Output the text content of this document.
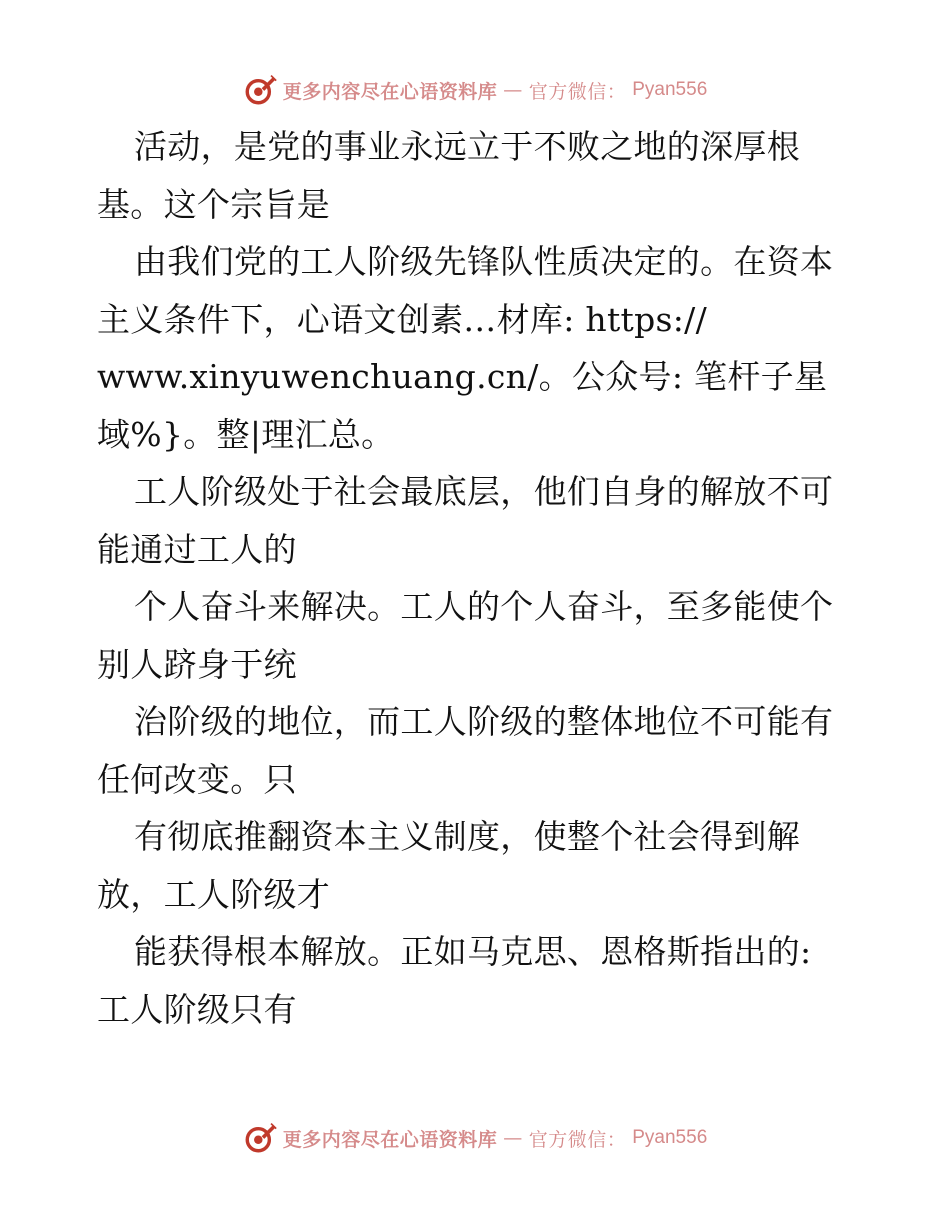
更多内容尽在心语资料库 — 官方微信： Pyan556
活动，是党的事业永远立于不败之地的深厚根
基。这个宗旨是
由我们党的工人阶级先锋队性质决定的。在资本
主义条件下，心语文创素…材库: https://
www.xinyuwenchuang.cn/。公众号: 笔杆子星
域%}。整|理汇总。
工人阶级处于社会最底层，他们自身的解放不可
能通过工人的
个人奋斗来解决。工人的个人奋斗，至多能使个
别人跻身于统
治阶级的地位，而工人阶级的整体地位不可能有
任何改变。只
有彻底推翻资本主义制度，使整个社会得到解
放，工人阶级才
能获得根本解放。正如马克思、恩格斯指出的:
工人阶级只有
更多内容尽在心语资料库 — 官方微信： Pyan556
